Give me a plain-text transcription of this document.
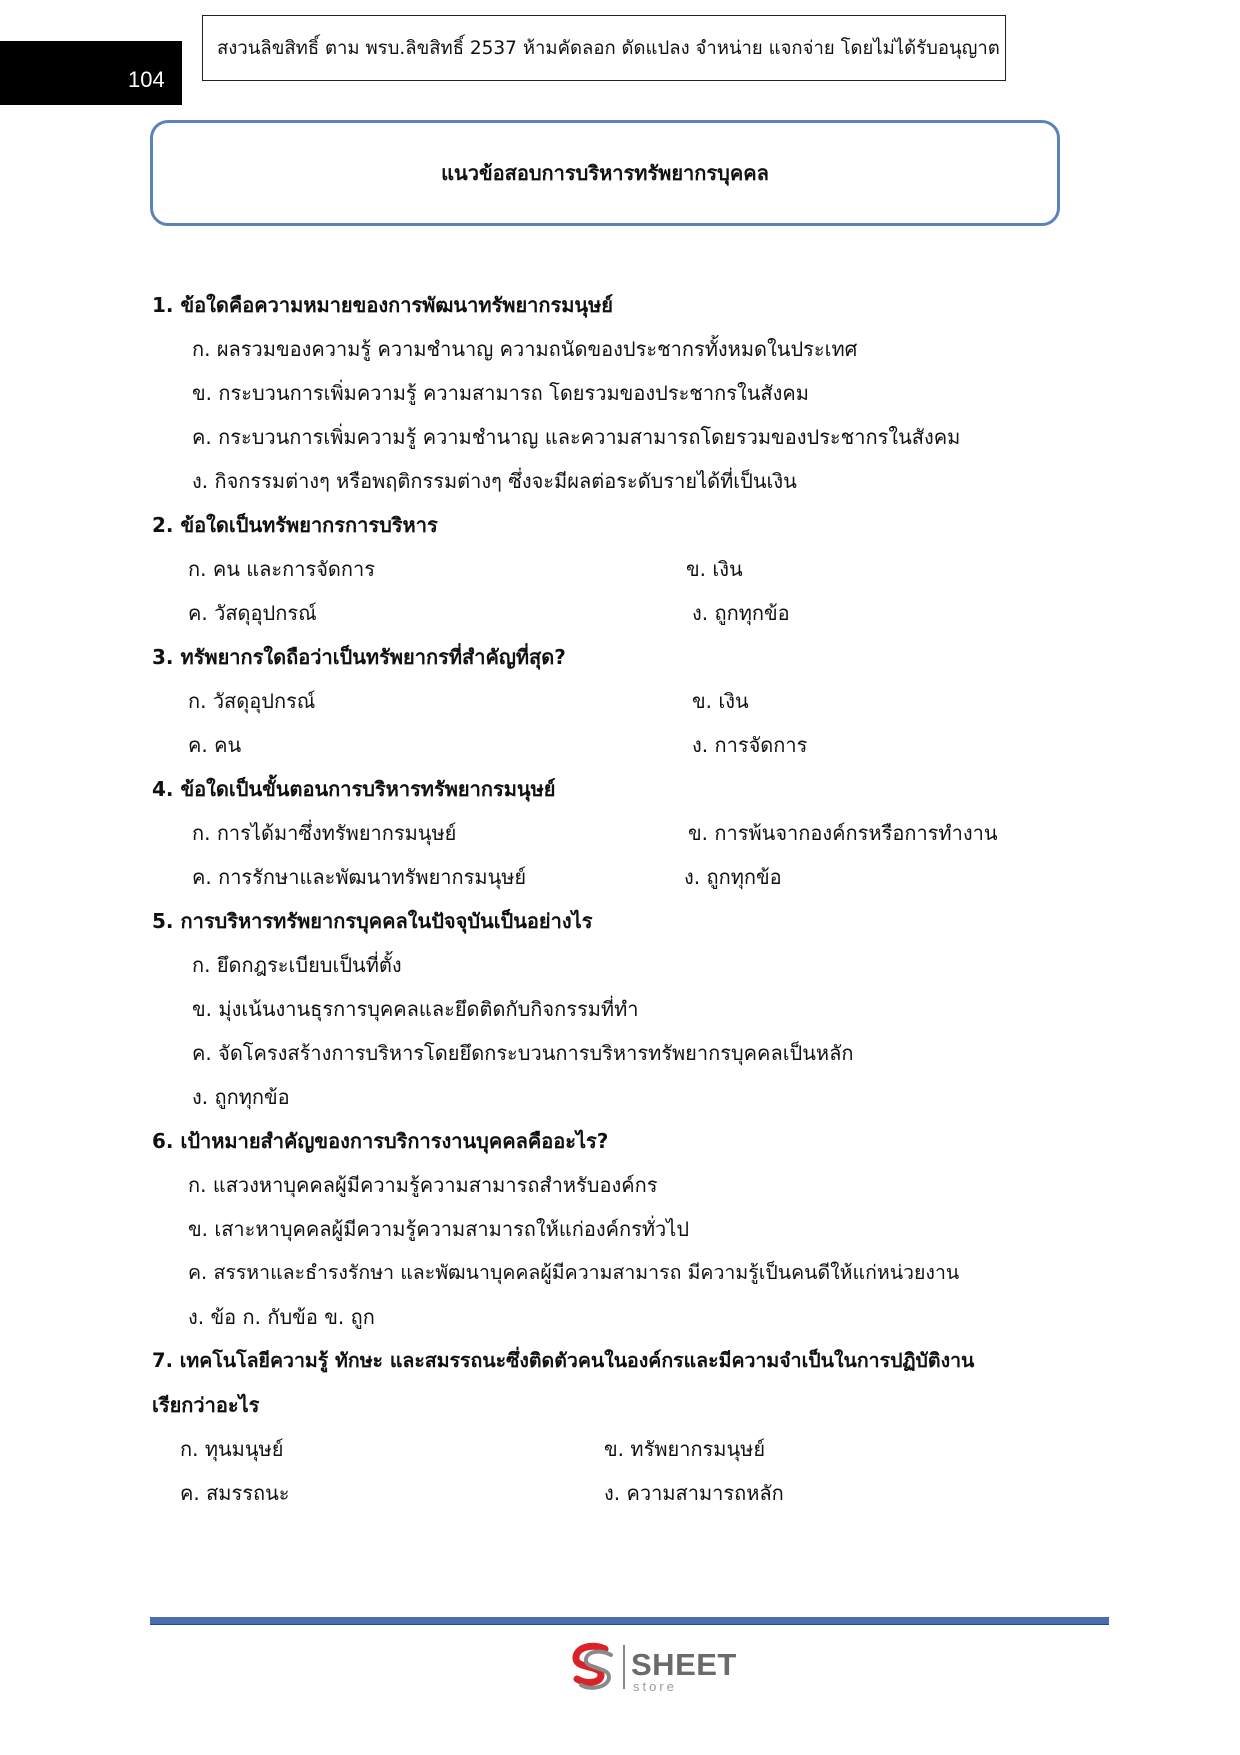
104
สงวนลิขสิทธิ์ ตาม พรบ.ลิขสิทธิ์ 2537 ห้ามคัดลอก ดัดแปลง จำหน่าย แจกจ่าย โดยไม่ได้รับอนุญาต
แนวข้อสอบการบริหารทรัพยากรบุคคล
1. ข้อใดคือความหมายของการพัฒนาทรัพยากรมนุษย์
ก. ผลรวมของความรู้ ความชำนาญ ความถนัดของประชากรทั้งหมดในประเทศ
ข. กระบวนการเพิ่มความรู้ ความสามารถ โดยรวมของประชากรในสังคม
ค. กระบวนการเพิ่มความรู้ ความชำนาญ และความสามารถโดยรวมของประชากรในสังคม
ง. กิจกรรมต่างๆ หรือพฤติกรรมต่างๆ ซึ่งจะมีผลต่อระดับรายได้ที่เป็นเงิน
2. ข้อใดเป็นทรัพยากรการบริหาร
ก. คน และการจัดการ	ข. เงิน
ค. วัสดุอุปกรณ์	ง. ถูกทุกข้อ
3. ทรัพยากรใดถือว่าเป็นทรัพยากรที่สำคัญที่สุด?
ก. วัสดุอุปกรณ์	ข. เงิน
ค. คน	ง. การจัดการ
4. ข้อใดเป็นขั้นตอนการบริหารทรัพยากรมนุษย์
ก. การได้มาซึ่งทรัพยากรมนุษย์	ข. การพ้นจากองค์กรหรือการทำงาน
ค. การรักษาและพัฒนาทรัพยากรมนุษย์	ง. ถูกทุกข้อ
5. การบริหารทรัพยากรบุคคลในปัจจุบันเป็นอย่างไร
ก. ยึดกฎระเบียบเป็นที่ตั้ง
ข. มุ่งเน้นงานธุรการบุคคลและยึดติดกับกิจกรรมที่ทำ
ค. จัดโครงสร้างการบริหารโดยยึดกระบวนการบริหารทรัพยากรบุคคลเป็นหลัก
ง. ถูกทุกข้อ
6. เป้าหมายสำคัญของการบริการงานบุคคลคืออะไร?
ก. แสวงหาบุคคลผู้มีความรู้ความสามารถสำหรับองค์กร
ข. เสาะหาบุคคลผู้มีความรู้ความสามารถให้แก่องค์กรทั่วไป
ค. สรรหาและธำรงรักษา และพัฒนาบุคคลผู้มีความสามารถ มีความรู้เป็นคนดีให้แก่หน่วยงาน
ง. ข้อ ก. กับข้อ ข. ถูก
7. เทคโนโลยีความรู้ ทักษะ และสมรรถนะซึ่งติดตัวคนในองค์กรและมีความจำเป็นในการปฏิบัติงาน
เรียกว่าอะไร
ก. ทุนมนุษย์	ข. ทรัพยากรมนุษย์
ค. สมรรถนะ	ง. ความสามารถหลัก
SHEET
store
